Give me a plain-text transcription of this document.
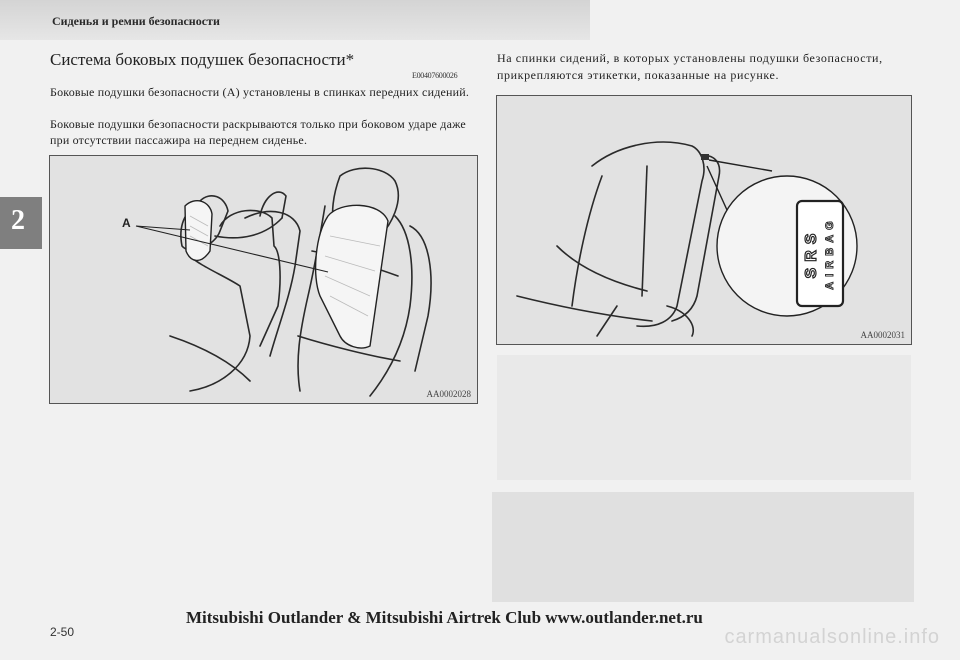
Сиденья и ремни безопасности
2
Система боковых подушек безопасности*
E00407600026
Боковые подушки безопасности (А) установлены в спинках передних сидений.
Боковые подушки безопасности раскрываются только при боковом ударе даже при отсутствии пассажира на переднем сиденье.
На спинки сидений, в которых установлены подушки безопасности, прикрепляются этикетки, показанные на рисунке.
A
AA0002028
SRS AIRBAG
AA0002031
Mitsubishi Outlander & Mitsubishi Airtrek Club www.outlander.net.ru
2-50	carmanualsonline.info
